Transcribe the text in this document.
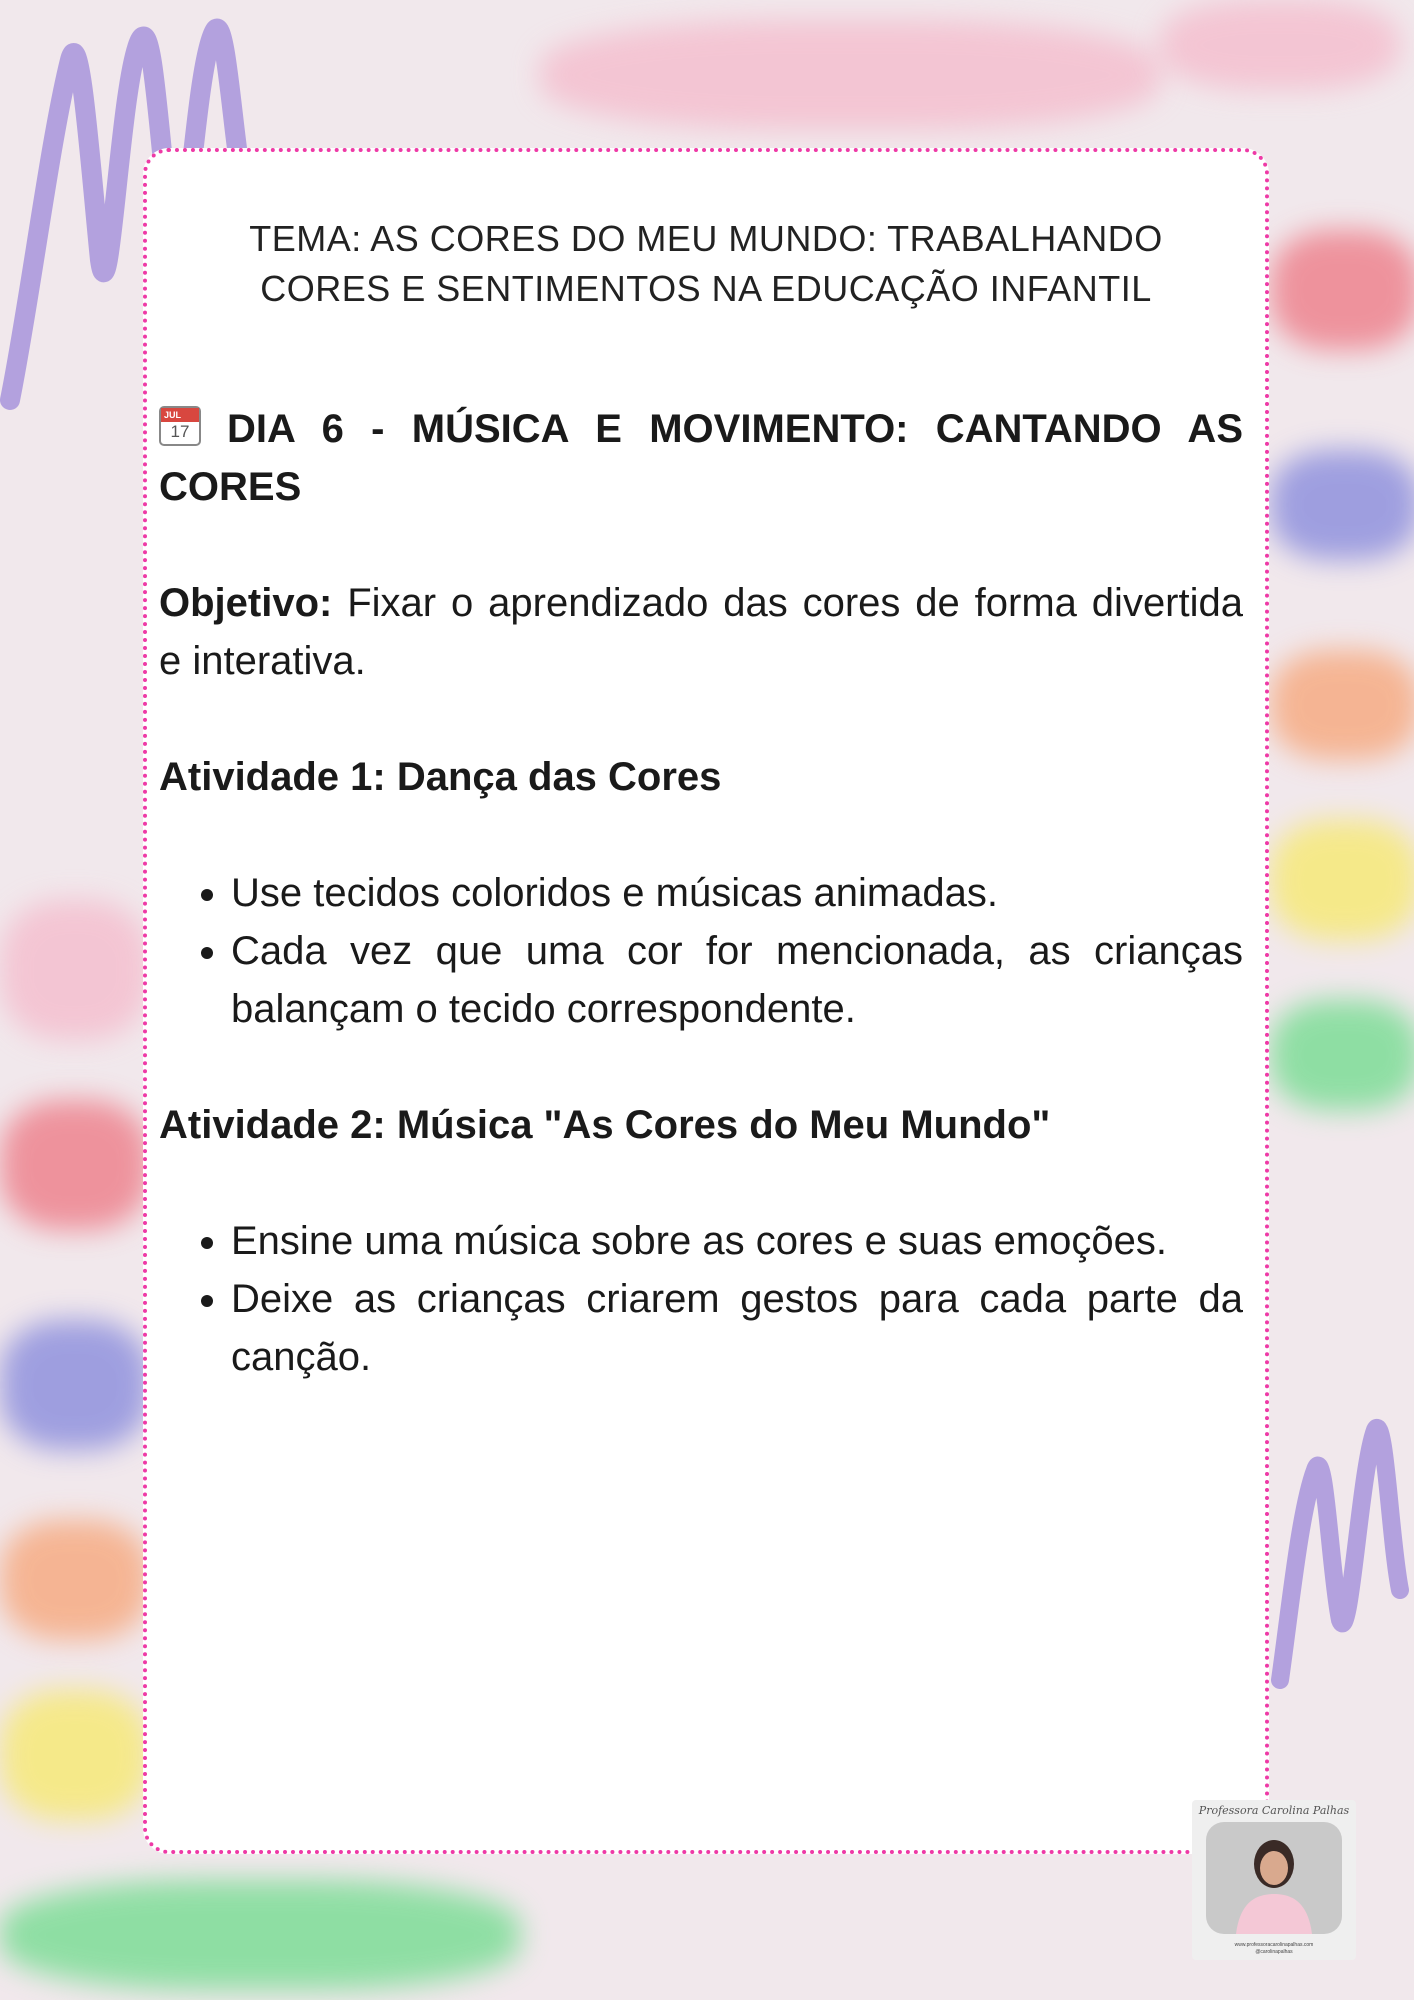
TEMA: AS CORES DO MEU MUNDO: TRABALHANDO
CORES E SENTIMENTOS NA EDUCAÇÃO INFANTIL

JUL
17 DIA 6 - MÚSICA E MOVIMENTO: CANTANDO AS CORES

Objetivo: Fixar o aprendizado das cores de forma divertida e interativa.

Atividade 1: Dança das Cores
• Use tecidos coloridos e músicas animadas.
• Cada vez que uma cor for mencionada, as crianças balançam o tecido correspondente.
Atividade 2: Música "As Cores do Meu Mundo"
• Ensine uma música sobre as cores e suas emoções.
• Deixe as crianças criarem gestos para cada parte da canção.
Professora Carolina Palhas
www.professoracarolinapalhas.com
@carolinapalhas
